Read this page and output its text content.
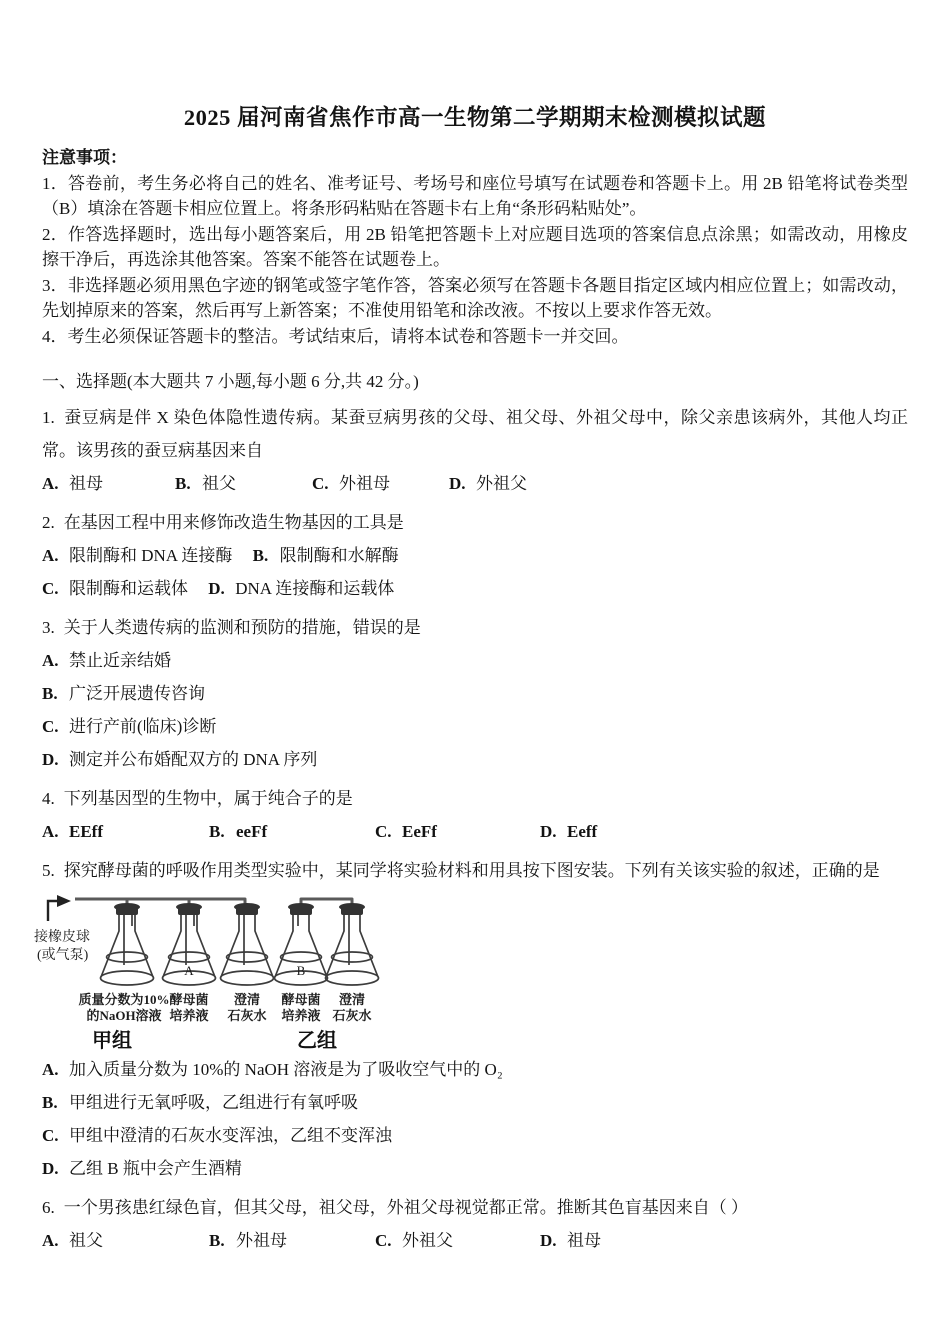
2025 届河南省焦作市高一生物第二学期期末检测模拟试题
注意事项：

1．答卷前，考生务必将自己的姓名、准考证号、考场号和座位号填写在试题卷和答题卡上。用 2B 铅笔将试卷类型（B）填涂在答题卡相应位置上。将条形码粘贴在答题卡右上角“条形码粘贴处”。

2．作答选择题时，选出每小题答案后，用 2B 铅笔把答题卡上对应题目选项的答案信息点涂黑；如需改动，用橡皮擦干净后，再选涂其他答案。答案不能答在试题卷上。

3．非选择题必须用黑色字迹的钢笔或签字笔作答，答案必须写在答题卡各题目指定区域内相应位置上；如需改动，先划掉原来的答案，然后再写上新答案；不准使用铅笔和涂改液。不按以上要求作答无效。

4．考生必须保证答题卡的整洁。考试结束后，请将本试卷和答题卡一并交回。

一、选择题(本大题共 7 小题,每小题 6 分,共 42 分。)

1. 蚕豆病是伴 X 染色体隐性遗传病。某蚕豆病男孩的父母、祖父母、外祖父母中，除父亲患该病外，其他人均正常。该男孩的蚕豆病基因来自

A. 祖母	B. 祖父	C. 外祖母	D. 外祖父

2. 在基因工程中用来修饰改造生物基因的工具是

A. 限制酶和 DNA 连接酶 B. 限制酶和水解酶
C. 限制酶和运载体 D. DNA 连接酶和运载体

3. 关于人类遗传病的监测和预防的措施，错误的是

A. 禁止近亲结婚
B. 广泛开展遗传咨询
C. 进行产前(临床)诊断
D. 测定并公布婚配双方的 DNA 序列

4. 下列基因型的生物中，属于纯合子的是

A. EEff	B. eeFf	C. EeFf	D. Eeff

5. 探究酵母菌的呼吸作用类型实验中，某同学将实验材料和用具按下图安装。下列有关该实验的叙述，正确的是

接橡皮球
(或气泵)
A	B
质量分数为10%
的NaOH溶液
酵母菌
培养液
澄清
石灰水
酵母菌
培养液
澄清
石灰水
甲组	乙组
A. 加入质量分数为 10%的 NaOH 溶液是为了吸收空气中的 O₂
B. 甲组进行无氧呼吸，乙组进行有氧呼吸
C. 甲组中澄清的石灰水变浑浊，乙组不变浑浊
D. 乙组 B 瓶中会产生酒精

6. 一个男孩患红绿色盲，但其父母，祖父母，外祖父母视觉都正常。推断其色盲基因来自（ ）

A. 祖父	B. 外祖母	C. 外祖父	D. 祖母
